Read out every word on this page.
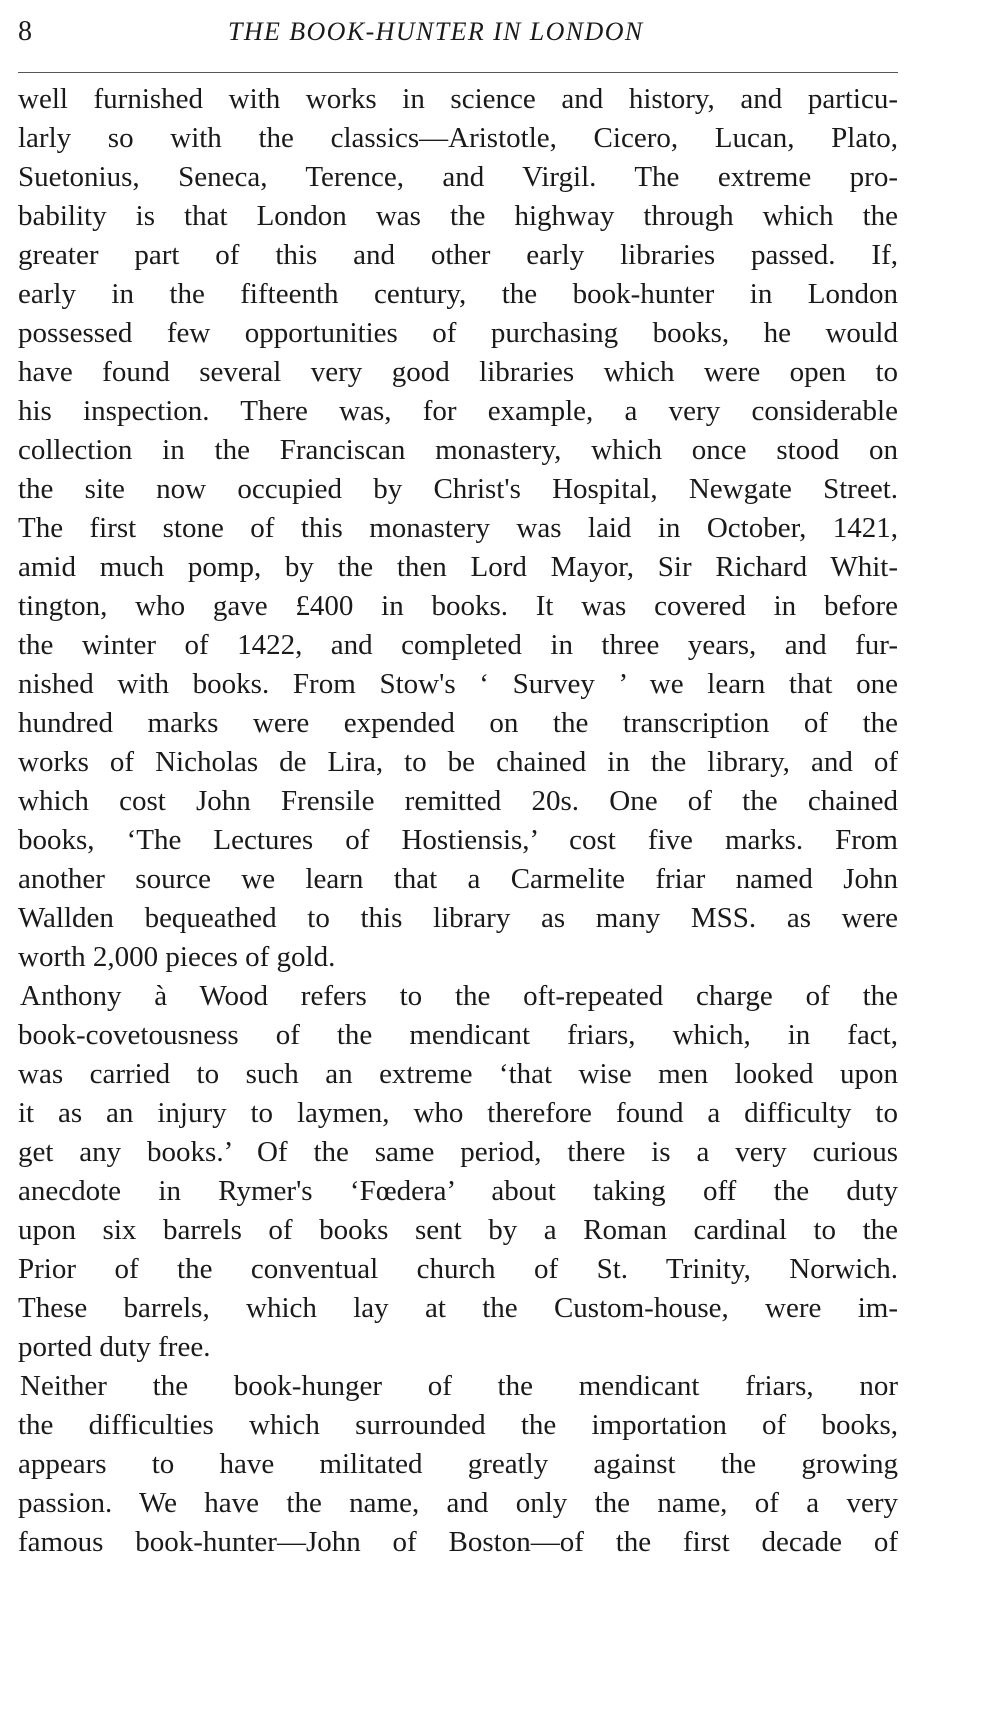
8	THE BOOK-HUNTER IN LONDON
well furnished with works in science and history, and particu-
larly so with the classics—Aristotle, Cicero, Lucan, Plato,
Suetonius, Seneca, Terence, and Virgil. The extreme pro-
bability is that London was the highway through which the
greater part of this and other early libraries passed. If,
early in the fifteenth century, the book-hunter in London
possessed few opportunities of purchasing books, he would
have found several very good libraries which were open to
his inspection. There was, for example, a very considerable
collection in the Franciscan monastery, which once stood on
the site now occupied by Christ's Hospital, Newgate Street.
The first stone of this monastery was laid in October, 1421,
amid much pomp, by the then Lord Mayor, Sir Richard Whit-
tington, who gave £400 in books. It was covered in before
the winter of 1422, and completed in three years, and fur-
nished with books. From Stow's ‘ Survey ’ we learn that one
hundred marks were expended on the transcription of the
works of Nicholas de Lira, to be chained in the library, and of
which cost John Frensile remitted 20s. One of the chained
books, ‘The Lectures of Hostiensis,’ cost five marks. From
another source we learn that a Carmelite friar named John
Wallden bequeathed to this library as many MSS. as were
worth 2,000 pieces of gold.
Anthony à Wood refers to the oft-repeated charge of the
book-covetousness of the mendicant friars, which, in fact,
was carried to such an extreme ‘that wise men looked upon
it as an injury to laymen, who therefore found a difficulty to
get any books.’ Of the same period, there is a very curious
anecdote in Rymer's ‘Fœdera’ about taking off the duty
upon six barrels of books sent by a Roman cardinal to the
Prior of the conventual church of St. Trinity, Norwich.
These barrels, which lay at the Custom-house, were im-
ported duty free.
Neither the book-hunger of the mendicant friars, nor
the difficulties which surrounded the importation of books,
appears to have militated greatly against the growing
passion. We have the name, and only the name, of a very
famous book-hunter—John of Boston—of the first decade of
